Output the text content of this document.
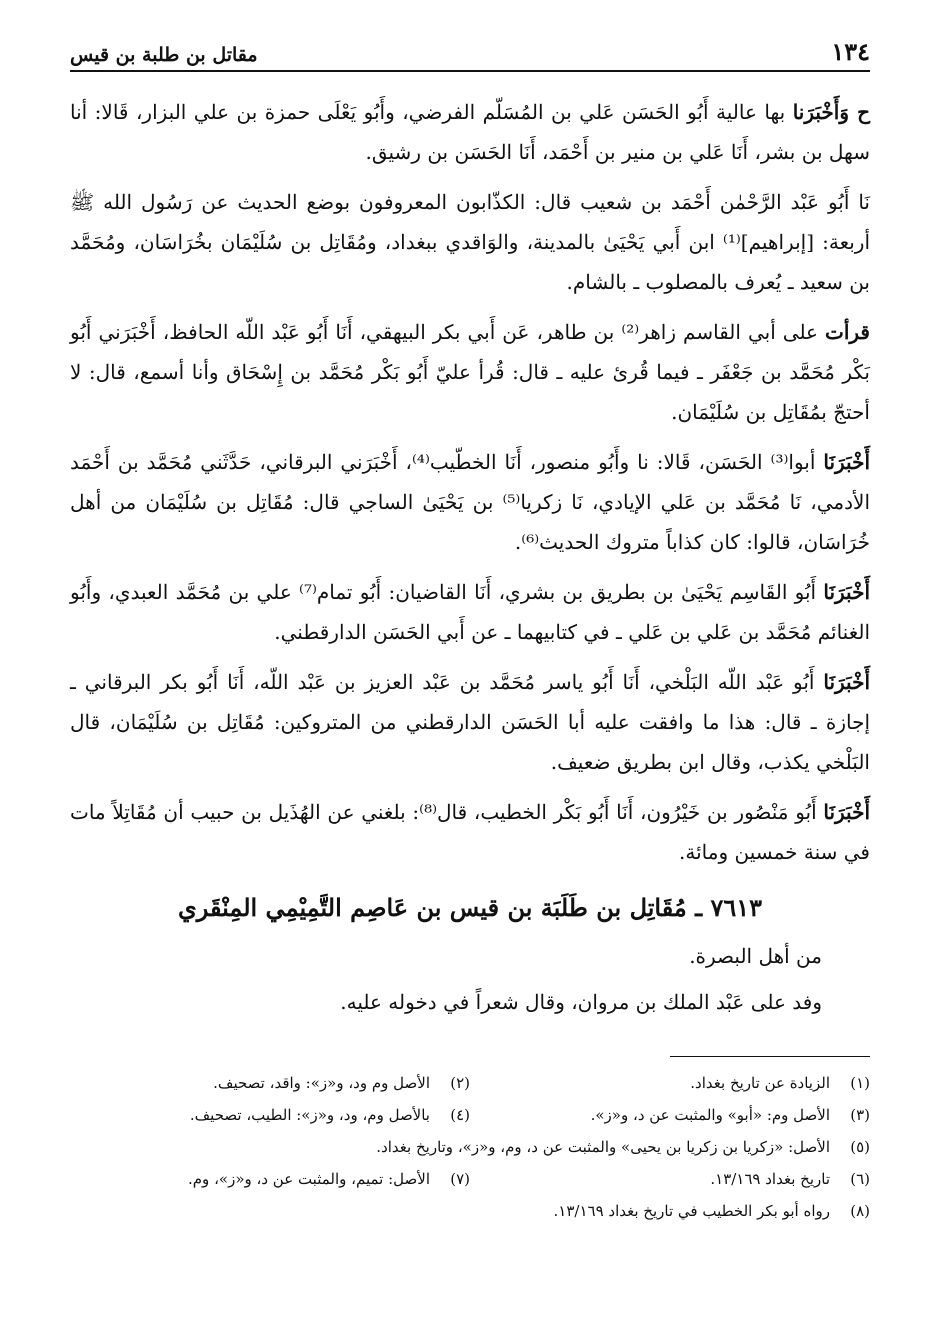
١٣٤
مقاتل بن طلبة بن قيس

ح وَأَخْبَرَنا بها عالية أَبُو الحَسَن عَلي بن المُسَلّم الفرضي، وأَبُو يَعْلَى حمزة بن علي البزار، قَالا: أنا سهل بن بشر، أَنَا عَلي بن منير بن أَحْمَد، أَنَا الحَسَن بن رشيق.

نَا أَبُو عَبْد الرَّحْمٰن أَحْمَد بن شعيب قال: الكذّابون المعروفون بوضع الحديث عن رَسُول الله ﷺ أربعة: [إبراهيم]⁽¹⁾ ابن أَبي يَحْيَىٰ بالمدينة، والوَاقدي ببغداد، ومُقَاتِل بن سُلَيْمَان بخُرَاسَان، ومُحَمَّد بن سعيد ـ يُعرف بالمصلوب ـ بالشام.

قرأت على أبي القاسم زاهر⁽²⁾ بن طاهر، عَن أَبي بكر البيهقي، أَنَا أَبُو عَبْد اللّه الحافظ، أَخْبَرَني أَبُو بَكْر مُحَمَّد بن جَعْفَر ـ فيما قُرئ عليه ـ قال: قُرأ عليّ أَبُو بَكْر مُحَمَّد بن إِسْحَاق وأنا أسمع، قال: لا أحتجّ بمُقَاتِل بن سُلَيْمَان.

أَخْبَرَنَا أبوا⁽³⁾ الحَسَن، قَالا: نا وأَبُو منصور، أَنَا الخطّيب⁽⁴⁾، أَخْبَرَني البرقاني، حَدَّثَني مُحَمَّد بن أَحْمَد الأدمي، نَا مُحَمَّد بن عَلي الإيادي، نَا زكريا⁽⁵⁾ بن يَحْيَىٰ الساجي قال: مُقَاتِل بن سُلَيْمَان من أهل خُرَاسَان، قالوا: كان كذاباً متروك الحديث⁽⁶⁾.

أَخْبَرَنَا أَبُو القَاسِم يَحْيَىٰ بن بطريق بن بشري، أَنَا القاضيان: أَبُو تمام⁽⁷⁾ علي بن مُحَمَّد العبدي، وأَبُو الغنائم مُحَمَّد بن عَلي بن عَلي ـ في كتابيهما ـ عن أَبي الحَسَن الدارقطني.

أَخْبَرَنَا أَبُو عَبْد اللّه البَلْخي، أَنَا أَبُو ياسر مُحَمَّد بن عَبْد العزيز بن عَبْد اللّه، أَنَا أَبُو بكر البرقاني ـ إجازة ـ قال: هذا ما وافقت عليه أبا الحَسَن الدارقطني من المتروكين: مُقَاتِل بن سُلَيْمَان، قال البَلْخي يكذب، وقال ابن بطريق ضعيف.

أَخْبَرَنَا أَبُو مَنْصُور بن خَيْرُون، أَنَا أَبُو بَكْر الخطيب، قال⁽⁸⁾: بلغني عن الهُذَيل بن حبيب أن مُقَاتِلاً مات في سنة خمسين ومائة.

٧٦١٣ ـ مُقَاتِل بن طَلَبَة بن قيس بن عَاصِم التَّمِيْمِي المِنْقَري
من أهل البصرة.
وفد على عَبْد الملك بن مروان، وقال شعراً في دخوله عليه.
(١)
الزيادة عن تاريخ بغداد.
(٢)
الأصل وم ود، و«ز»: واقد، تصحيف.
(٣)
الأصل وم: «أبو» والمثبت عن د، و«ز».
(٤)
بالأصل وم، ود، و«ز»: الطيب، تصحيف.
(٥)
الأصل: «زكريا بن زكريا بن يحيى» والمثبت عن د، وم، و«ز»، وتاريخ بغداد.
(٦)
تاريخ بغداد ١٣/١٦٩.
(٧)
الأصل: تميم، والمثبت عن د، و«ز»، وم.
(٨)
رواه أبو بكر الخطيب في تاريخ بغداد ١٣/١٦٩.
